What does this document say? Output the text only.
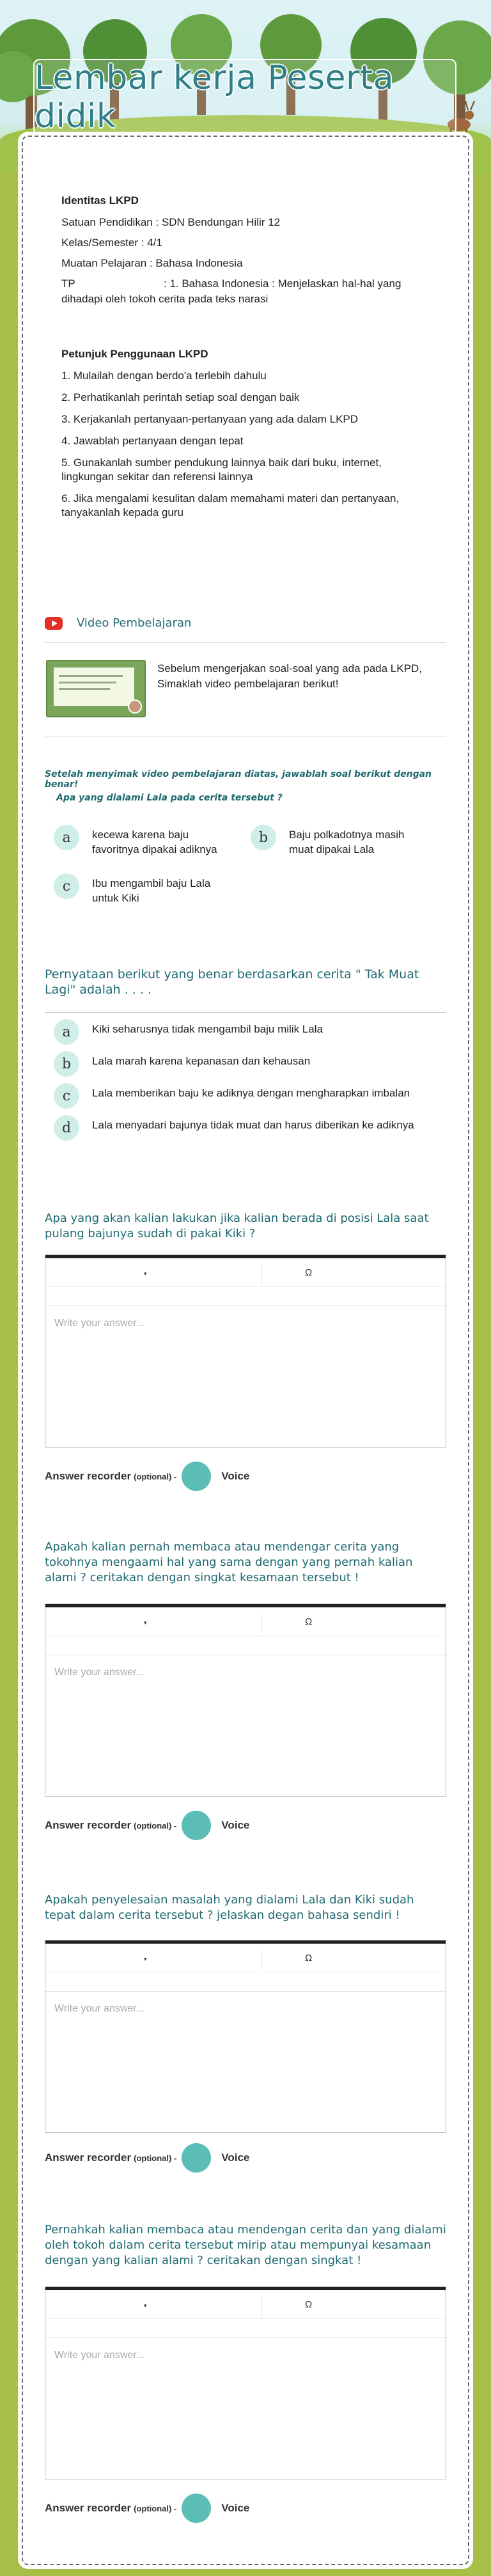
Lembar kerja Peserta didik
Identitas LKPD
Satuan Pendidikan : SDN Bendungan Hilir 12
Kelas/Semester : 4/1
Muatan Pelajaran : Bahasa Indonesia
TP	: 1. Bahasa Indonesia : Menjelaskan hal-hal yang
dihadapi oleh tokoh cerita pada teks narasi
Petunjuk Penggunaan LKPD
1. Mulailah dengan berdo'a terlebih dahulu
2. Perhatikanlah perintah setiap soal dengan baik
3. Kerjakanlah pertanyaan-pertanyaan yang ada dalam LKPD
4. Jawablah pertanyaan dengan tepat
5. Gunakanlah sumber pendukung lainnya baik dari buku, internet, lingkungan sekitar dan referensi lainnya
6. Jika mengalami kesulitan dalam memahami materi dan pertanyaan, tanyakanlah kepada guru
Video Pembelajaran
Sebelum mengerjakan soal-soal yang ada pada LKPD, Simaklah video pembelajaran berikut!
Setelah menyimak video pembelajaran diatas, jawablah soal berikut dengan benar!
Apa yang dialami Lala pada cerita tersebut ?
a	kecewa karena baju favoritnya dipakai adiknya
b	Baju polkadotnya masih muat dipakai Lala
c	Ibu mengambil baju Lala untuk Kiki
Pernyataan berikut yang benar berdasarkan cerita " Tak Muat Lagi" adalah . . . .
a	Kiki seharusnya tidak mengambil baju milik Lala
b	Lala marah karena kepanasan dan kehausan
c	Lala memberikan baju ke adiknya dengan mengharapkan imbalan
d	Lala menyadari bajunya tidak muat dan harus diberikan ke adiknya
Apa yang akan kalian lakukan jika kalian berada di posisi Lala saat pulang bajunya sudah di pakai Kiki ?
▾	Ω
Write your answer...
Answer recorder (optional) -	Voice
Apakah kalian pernah membaca atau mendengar cerita yang tokohnya mengaami hal yang sama dengan yang pernah kalian alami ? ceritakan dengan singkat kesamaan tersebut !
▾	Ω
Write your answer...
Answer recorder (optional) -	Voice
Apakah penyelesaian masalah yang dialami Lala dan Kiki sudah tepat dalam cerita tersebut ? jelaskan degan bahasa sendiri !
▾	Ω
Write your answer...
Answer recorder (optional) -	Voice
Pernahkah kalian membaca atau mendengan cerita dan yang dialami oleh tokoh dalam cerita tersebut mirip atau mempunyai kesamaan dengan yang kalian alami ? ceritakan dengan singkat !
▾	Ω
Write your answer...
Answer recorder (optional) -	Voice
